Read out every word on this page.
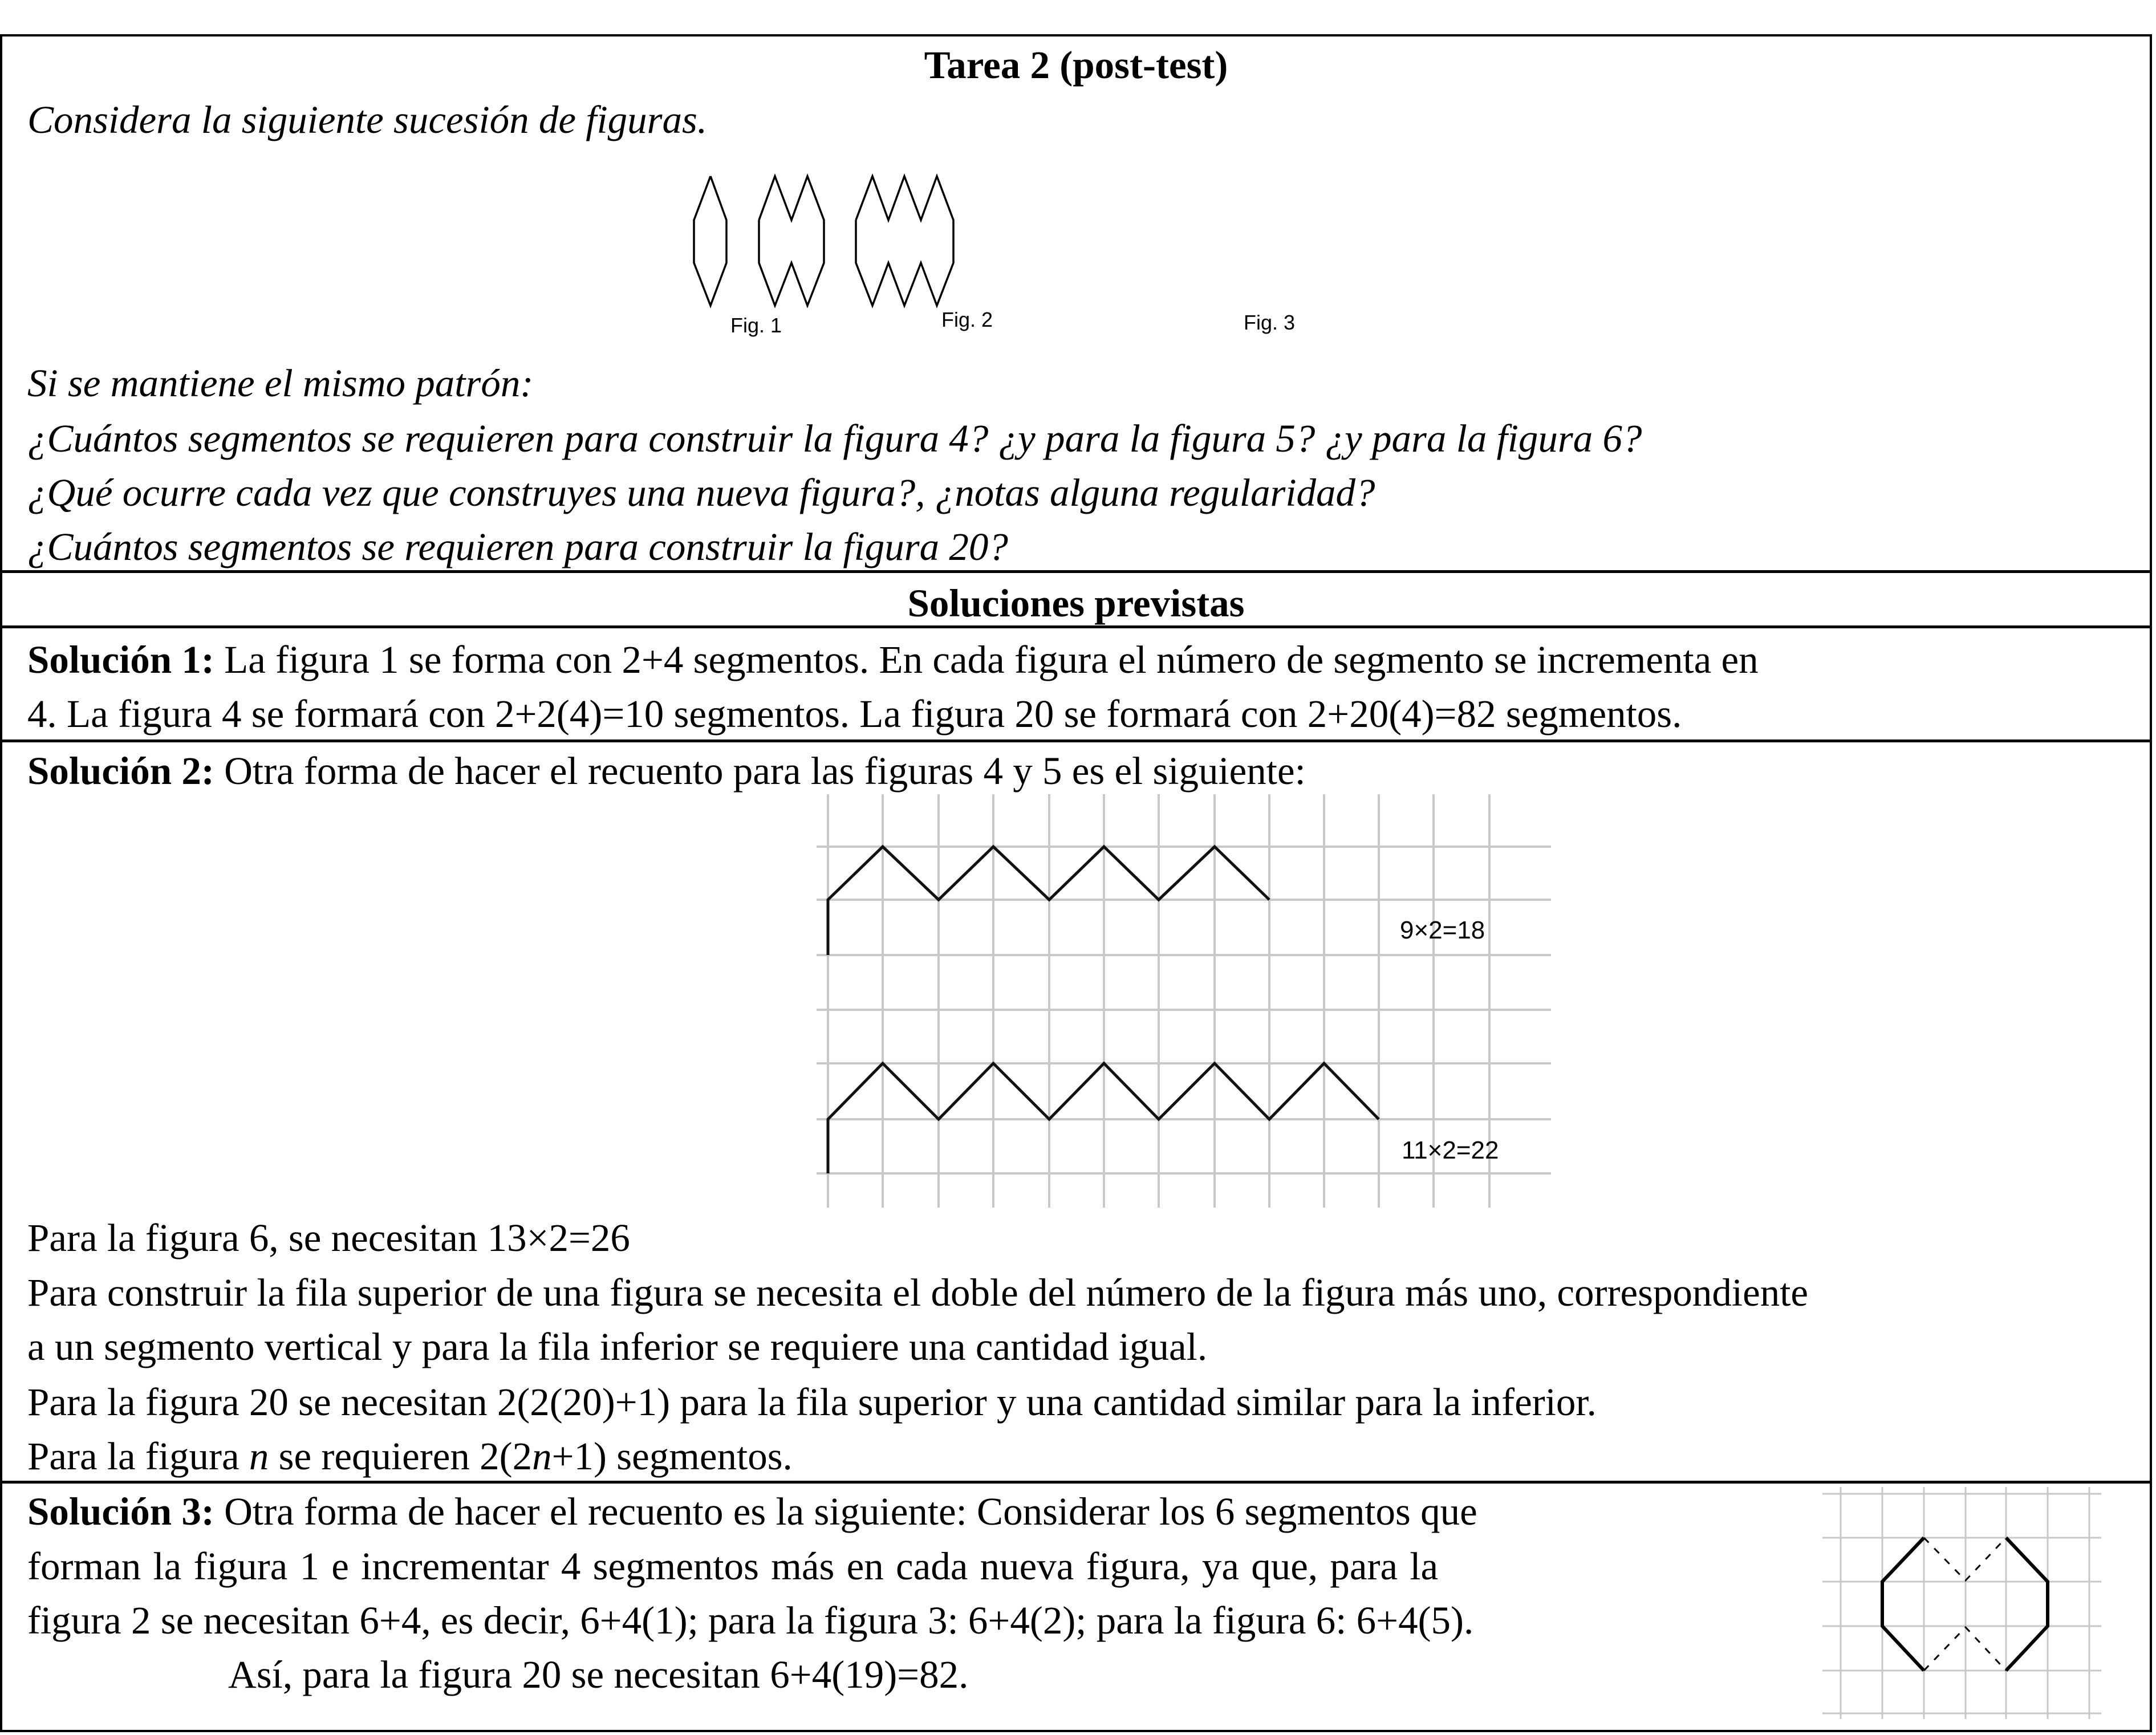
Tarea 2 (post-test)
Considera la siguiente sucesión de figuras.
Fig. 1	Fig. 2	Fig. 3
Si se mantiene el mismo patrón:
¿Cuántos segmentos se requieren para construir la figura 4? ¿y para la figura 5? ¿y para la figura 6?
¿Qué ocurre cada vez que construyes una nueva figura?, ¿notas alguna regularidad?
¿Cuántos segmentos se requieren para construir la figura 20?
Soluciones previstas
Solución 1: La figura 1 se forma con 2+4 segmentos. En cada figura el número de segmento se incrementa en
4. La figura 4 se formará con 2+2(4)=10 segmentos. La figura 20 se formará con 2+20(4)=82 segmentos.
Solución 2: Otra forma de hacer el recuento para las figuras 4 y 5 es el siguiente:
9×2=18
11×2=22
Para la figura 6, se necesitan 13×2=26
Para construir la fila superior de una figura se necesita el doble del número de la figura más uno, correspondiente
a un segmento vertical y para la fila inferior se requiere una cantidad igual.
Para la figura 20 se necesitan 2(2(20)+1) para la fila superior y una cantidad similar para la inferior.
Para la figura n se requieren 2(2n+1) segmentos.
Solución 3: Otra forma de hacer el recuento es la siguiente: Considerar los 6 segmentos que
forman la figura 1 e incrementar 4 segmentos más en cada nueva figura, ya que, para la
figura 2 se necesitan 6+4, es decir, 6+4(1); para la figura 3: 6+4(2); para la figura 6: 6+4(5).
Así, para la figura 20 se necesitan 6+4(19)=82.
